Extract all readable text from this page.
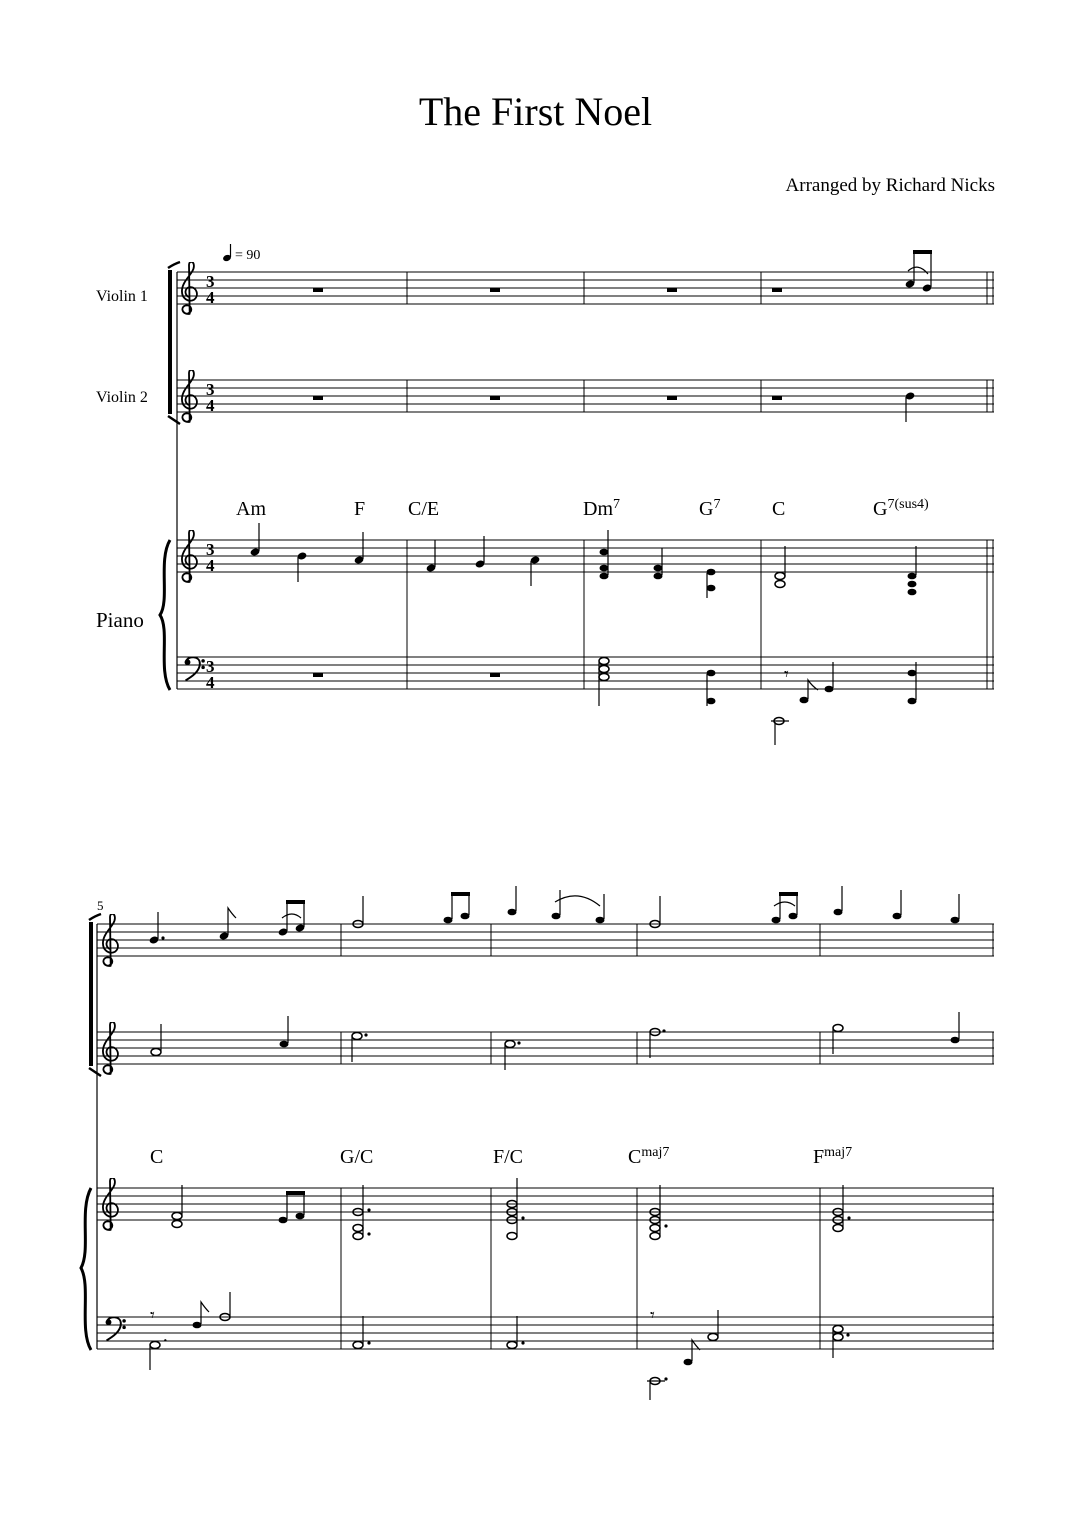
The First Noel
Arranged by Richard Nicks
Violin 1
Violin 2
Piano
= 90
3
4
3
4
3
4
3
4
Am	F C/E	Dm$^7$	$G^7$	C	$G^{7(sus4)}$
𝄾
5
C	G/C	F/C	$C^{maj7}$	$F^{maj7}$
𝄾
·
𝄾
